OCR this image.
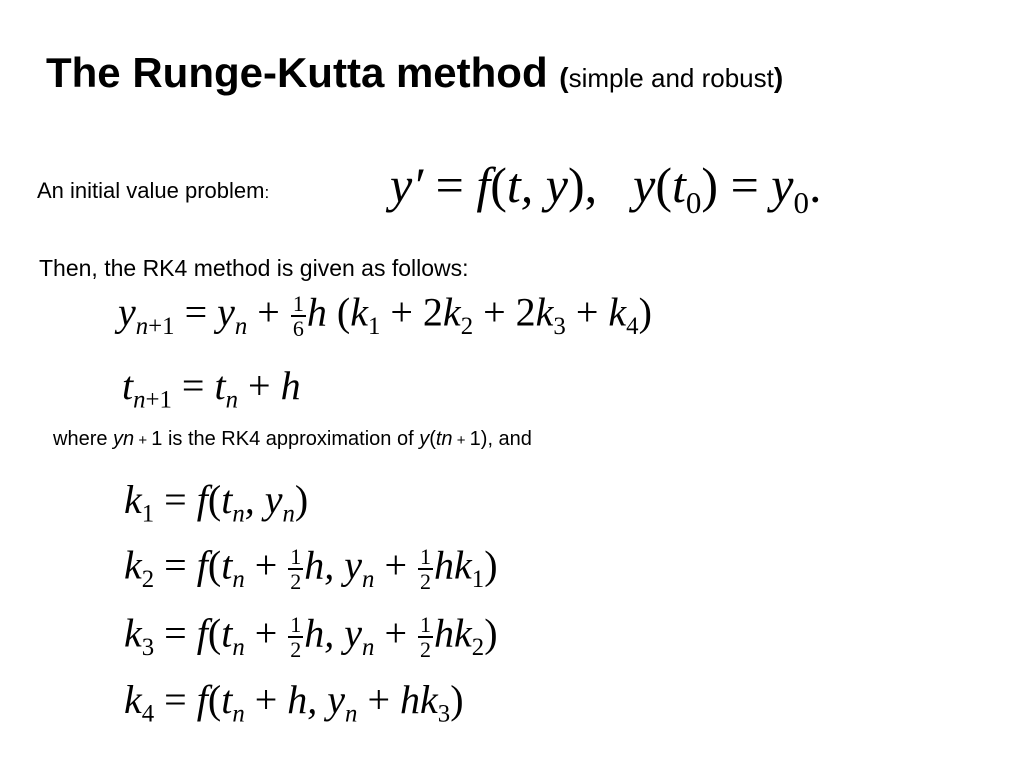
The Runge-Kutta method (simple and robust)
An initial value problem: y′ = f(t, y), $y(t_0) = y_0$.
Then, the RK4 method is given as follows:
$y_{n+1} = y_n + \frac{1}{6}$ h $(k_1 + 2k_2 + 2k_3 + k_4)$
$t_{n+1} = t_n + h$
where yn + 1 is the RK4 approximation of y(tn + 1), and
$k_1 = f(t_n$, $y_n$)
$k_2 = f(t_n + \frac{1}{2} h$, $y_n + \frac{1}{2} hk_1$)
$k_3 = f(t_n + \frac{1}{2} h$, $y_n + \frac{1}{2} hk_2$)
$k_4 = f(t_n + h$, $y_n + hk_3$)
